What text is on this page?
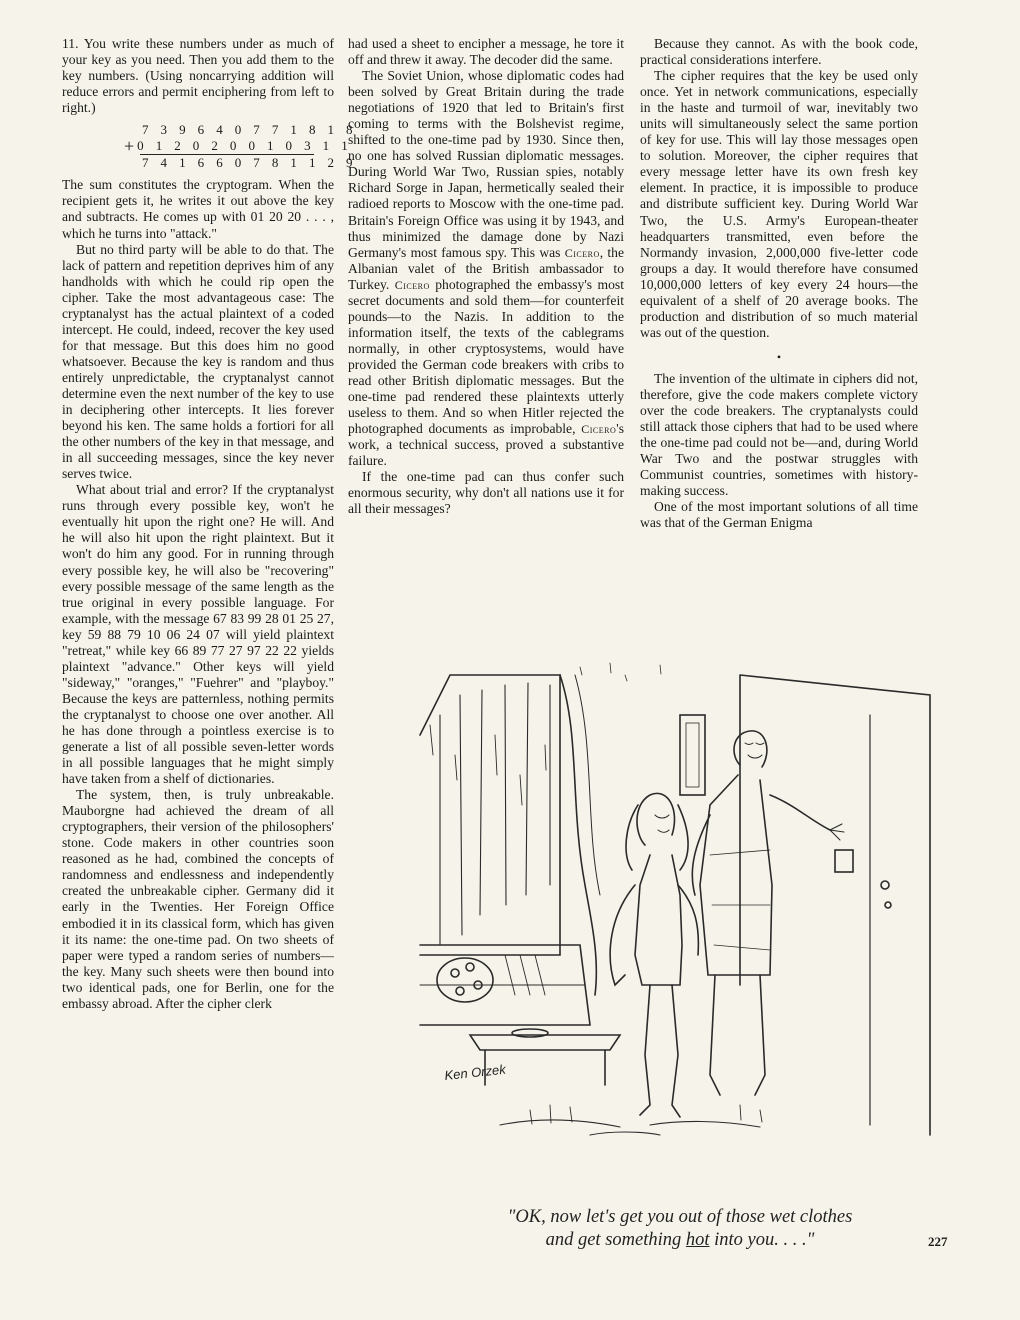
11. You write these numbers under as much of your key as you need. Then you add them to the key numbers. (Using noncarrying addition will reduce errors and permit enciphering from left to right.)

7 3 9 6 4 0 7 7 1 8 1 8
+ 0 1 2 0 2 0 0 1 0 3 1 1
7 4 1 6 6 0 7 8 1 1 2 9

The sum constitutes the cryptogram. When the recipient gets it, he writes it out above the key and subtracts. He comes up with 01 20 20 . . . , which he turns into "attack."

But no third party will be able to do that. The lack of pattern and repetition deprives him of any handholds with which he could rip open the cipher. Take the most advantageous case: The cryptanalyst has the actual plaintext of a coded intercept. He could, indeed, recover the key used for that message. But this does him no good whatsoever. Because the key is random and thus entirely unpredictable, the cryptanalyst cannot determine even the next number of the key to use in deciphering other intercepts. It lies forever beyond his ken. The same holds a fortiori for all the other numbers of the key in that message, and in all succeeding messages, since the key never serves twice.

What about trial and error? If the cryptanalyst runs through every possible key, won't he eventually hit upon the right one? He will. And he will also hit upon the right plaintext. But it won't do him any good. For in running through every possible key, he will also be "recovering" every possible message of the same length as the true original in every possible language. For example, with the message 67 83 99 28 01 25 27, key 59 88 79 10 06 24 07 will yield plaintext "retreat," while key 66 89 77 27 97 22 22 yields plaintext "advance." Other keys will yield "sideway," "oranges," "Fuehrer" and "playboy." Because the keys are patternless, nothing permits the cryptanalyst to choose one over another. All he has done through a pointless exercise is to generate a list of all possible seven-letter words in all possible languages that he might simply have taken from a shelf of dictionaries.

The system, then, is truly unbreakable. Mauborgne had achieved the dream of all cryptographers, their version of the philosophers' stone. Code makers in other countries soon reasoned as he had, combined the concepts of randomness and endlessness and independently created the unbreakable cipher. Germany did it early in the Twenties. Her Foreign Office embodied it in its classical form, which has given it its name: the one-time pad. On two sheets of paper were typed a random series of numbers—the key. Many such sheets were then bound into two identical pads, one for Berlin, one for the embassy abroad. After the cipher clerk

had used a sheet to encipher a message, he tore it off and threw it away. The decoder did the same.

The Soviet Union, whose diplomatic codes had been solved by Great Britain during the trade negotiations of 1920 that led to Britain's first coming to terms with the Bolshevist regime, shifted to the one-time pad by 1930. Since then, no one has solved Russian diplomatic messages. During World War Two, Russian spies, notably Richard Sorge in Japan, hermetically sealed their radioed reports to Moscow with the one-time pad. Britain's Foreign Office was using it by 1943, and thus minimized the damage done by Nazi Germany's most famous spy. This was Cicero, the Albanian valet of the British ambassador to Turkey. Cicero photographed the embassy's most secret documents and sold them—for counterfeit pounds—to the Nazis. In addition to the information itself, the texts of the cablegrams normally, in other cryptosystems, would have provided the German code breakers with cribs to read other British diplomatic messages. But the one-time pad rendered these plaintexts utterly useless to them. And so when Hitler rejected the photographed documents as improbable, Cicero's work, a technical success, proved a substantive failure.

If the one-time pad can thus confer such enormous security, why don't all nations use it for all their messages?

Because they cannot. As with the book code, practical considerations interfere.

The cipher requires that the key be used only once. Yet in network communications, especially in the haste and turmoil of war, inevitably two units will simultaneously select the same portion of key for use. This will lay those messages open to solution. Moreover, the cipher requires that every message letter have its own fresh key element. In practice, it is impossible to produce and distribute sufficient key. During World War Two, the U.S. Army's European-theater headquarters transmitted, even before the Normandy invasion, 2,000,000 five-letter code groups a day. It would therefore have consumed 10,000,000 letters of key every 24 hours—the equivalent of a shelf of 20 average books. The production and distribution of so much material was out of the question.

•

The invention of the ultimate in ciphers did not, therefore, give the code makers complete victory over the code breakers. The cryptanalysts could still attack those ciphers that had to be used where the one-time pad could not be—and, during World War Two and the postwar struggles with Communist countries, sometimes with history-making success.

One of the most important solutions of all time was that of the German Enigma

Ken Orzek
"OK, now let's get you out of those wet clothes
and get something hot into you. . . ."	227
